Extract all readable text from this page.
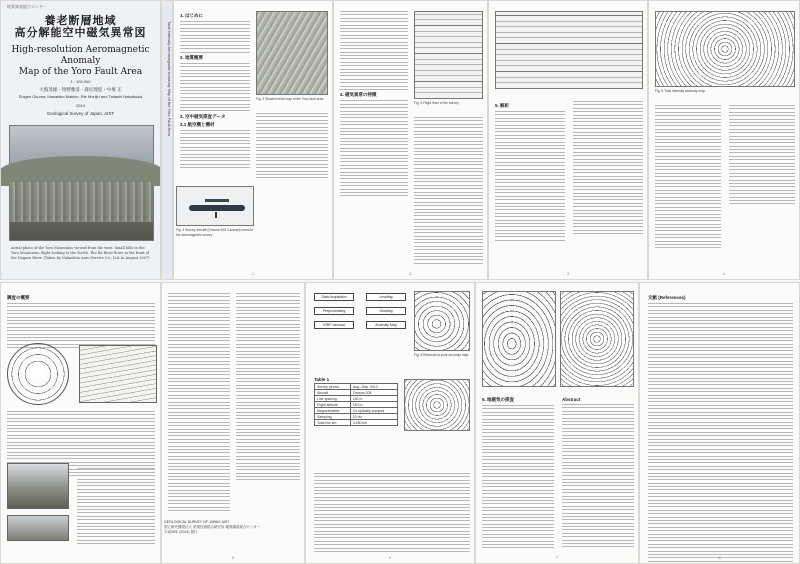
地質調査総合センター
養老断層地域
高分解能空中磁気異常図
High-resolution Aeromagnetic Anomaly
Map of the Yoro Fault Area
1 : 100,000
大熊茂雄・牧野雅彦・森尻理恵・中塚 正
Shigeo Okuma, Masahiko Makino, Rie Morijiri and Tadashi Nakatsuka
2014
Geological Survey of Japan, AIST
Aerial photo of the Yoro Mountains viewed from the west. Small hills in the Yoro Mountains, flight looking to the North. The Ibi River flows in the front of the Nagara River. (Taken by Nakashita Aero Service Co., Ltd. in August 2007)
Total Intensity Aeromagnetic Anomaly Map of the Yoro Fault Area
1. はじめに
2. 地質概要
3. 空中磁気探査データ
3.1 航空機と機材
Fig. 2 Shaded relief map of the Yoro fault area.
1
Fig. 3 Survey aircraft (Cessna 208 Caravan) used for the aeromagnetic survey.
4. 磁気異常の特徴
Fig. 4 Flight lines of the survey.
2
5. 解析
3
Fig. 5 Total intensity anomaly map.
4
調査の概要
5
GEOLOGICAL SURVEY OF JAPAN, AIST
国立研究開発法人 産業技術総合研究所 地質調査総合センター
平成26年 (2014) 発行
Data Acquisition
Preprocessing
IGRF removal
Leveling
Gridding
Anomaly Map
Fig. 6 Reduced-to-pole anomaly map.
Table 1
Survey period	Aug.–Sep. 2012
Aircraft	Cessna 208
Line spacing	150 m
Flight altitude	150 m
Magnetometer	Cs optically pumped
Sampling	10 Hz
Total line km	3,450 km
6
5. 地磁気の探査	Abstract
7
文献 (References)
8
